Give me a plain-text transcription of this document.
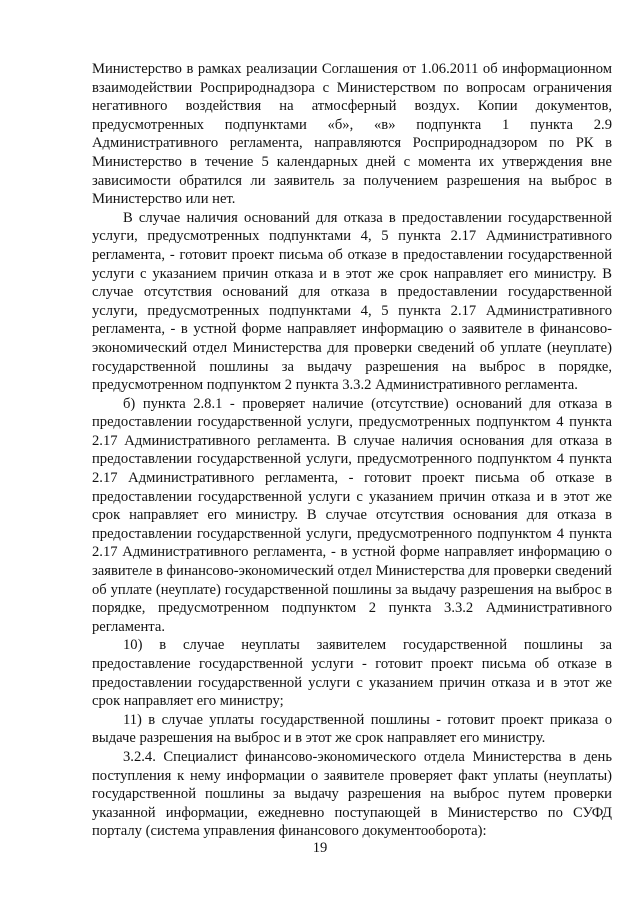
Министерство в рамках реализации Соглашения от 1.06.2011 об информационном взаимодействии Росприроднадзора с Министерством по вопросам ограничения негативного воздействия на атмосферный воздух. Копии документов, предусмотренных подпунктами «б», «в» подпункта 1 пункта 2.9 Административного регламента, направляются Росприроднадзором по РК в Министерство в течение 5 календарных дней с момента их утверждения вне зависимости обратился ли заявитель за получением разрешения на выброс в Министерство или нет.

В случае наличия оснований для отказа в предоставлении государственной услуги, предусмотренных подпунктами 4, 5 пункта 2.17 Административного регламента, - готовит проект письма об отказе в предоставлении государственной услуги с указанием причин отказа и в этот же срок направляет его министру. В случае отсутствия оснований для отказа в предоставлении государственной услуги, предусмотренных подпунктами 4, 5 пункта 2.17 Административного регламента, - в устной форме направляет информацию о заявителе в финансово-экономический отдел Министерства для проверки сведений об уплате (неуплате) государственной пошлины за выдачу разрешения на выброс в порядке, предусмотренном подпунктом 2 пункта 3.3.2 Административного регламента.

б) пункта 2.8.1 - проверяет наличие (отсутствие) оснований для отказа в предоставлении государственной услуги, предусмотренных подпунктом 4 пункта 2.17 Административного регламента. В случае наличия основания для отказа в предоставлении государственной услуги, предусмотренного подпунктом 4 пункта 2.17 Административного регламента, - готовит проект письма об отказе в предоставлении государственной услуги с указанием причин отказа и в этот же срок направляет его министру. В случае отсутствия основания для отказа в предоставлении государственной услуги, предусмотренного подпунктом 4 пункта 2.17 Административного регламента, - в устной форме направляет информацию о заявителе в финансово-экономический отдел Министерства для проверки сведений об уплате (неуплате) государственной пошлины за выдачу разрешения на выброс в порядке, предусмотренном подпунктом 2 пункта 3.3.2 Административного регламента.

10) в случае неуплаты заявителем государственной пошлины за предоставление государственной услуги - готовит проект письма об отказе в предоставлении государственной услуги с указанием причин отказа и в этот же срок направляет его министру;

11) в случае уплаты государственной пошлины - готовит проект приказа о выдаче разрешения на выброс и в этот же срок направляет его министру.

3.2.4. Специалист финансово-экономического отдела Министерства в день поступления к нему информации о заявителе проверяет факт уплаты (неуплаты) государственной пошлины за выдачу разрешения на выброс путем проверки указанной информации, ежедневно поступающей в Министерство по СУФД порталу (система управления финансового документооборота):

19
